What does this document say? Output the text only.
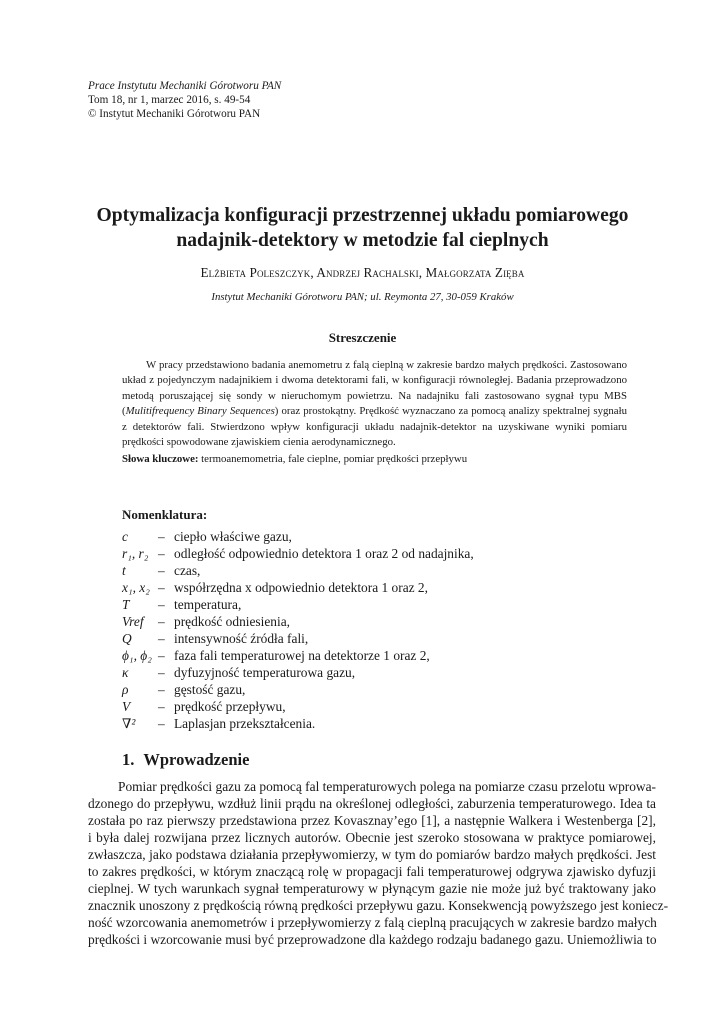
Prace Instytutu Mechaniki Górotworu PAN
Tom 18, nr 1, marzec 2016, s. 49-54
© Instytut Mechaniki Górotworu PAN
Optymalizacja konfiguracji przestrzennej układu pomiarowego
nadajnik-detektory w metodzie fal cieplnych
Elżbieta Poleszczyk, Andrzej Rachalski, Małgorzata Zięba
Instytut Mechaniki Górotworu PAN; ul. Reymonta 27, 30-059 Kraków
Streszczenie

W pracy przedstawiono badania anemometru z falą cieplną w zakresie bardzo małych prędkości. Zastosowano układ z pojedynczym nadajnikiem i dwoma detektorami fali, w konfiguracji równoległej. Badania przeprowadzono metodą poruszającej się sondy w nieruchomym powietrzu. Na nadajniku fali zastosowano sygnał typu MBS (Mulitifrequency Binary Sequences) oraz prostokątny. Prędkość wyznaczano za pomocą analizy spektralnej sygnału z detektorów fali. Stwierdzono wpływ konfiguracji układu nadajnik-detektor na uzyskiwane wyniki pomiaru prędkości spowodowane zjawiskiem cienia aerodynamicznego.

Słowa kluczowe: termoanemometria, fale cieplne, pomiar prędkości przepływu
Nomenklatura:
c	– ciepło właściwe gazu,
r₁, r₂ – odległość odpowiednio detektora 1 oraz 2 od nadajnika,
t	– czas,
x₁, x₂ – współrzędna x odpowiednio detektora 1 oraz 2,
T	– temperatura,
Vref	– prędkość odniesienia,
Q	– intensywność źródła fali,
ϕ₁, ϕ₂ – faza fali temperaturowej na detektorze 1 oraz 2,
κ	– dyfuzyjność temperaturowa gazu,
ρ	– gęstość gazu,
V	– prędkość przepływu,
∇²	– Laplasjan przekształcenia.
1. Wprowadzenie
Pomiar prędkości gazu za pomocą fal temperaturowych polega na pomiarze czasu przelotu wprowa-
dzonego do przepływu, wzdłuż linii prądu na określonej odległości, zaburzenia temperaturowego. Idea ta
została po raz pierwszy przedstawiona przez Kovasznay’ego [1], a następnie Walkera i Westenberga [2],
i była dalej rozwijana przez licznych autorów. Obecnie jest szeroko stosowana w praktyce pomiarowej,
zwłaszcza, jako podstawa działania przepływomierzy, w tym do pomiarów bardzo małych prędkości. Jest
to zakres prędkości, w którym znaczącą rolę w propagacji fali temperaturowej odgrywa zjawisko dyfuzji
cieplnej. W tych warunkach sygnał temperaturowy w płynącym gazie nie może już być traktowany jako
znacznik unoszony z prędkością równą prędkości przepływu gazu. Konsekwencją powyższego jest koniecz-
ność wzorcowania anemometrów i przepływomierzy z falą cieplną pracujących w zakresie bardzo małych
prędkości i wzorcowanie musi być przeprowadzone dla każdego rodzaju badanego gazu. Uniemożliwia to
